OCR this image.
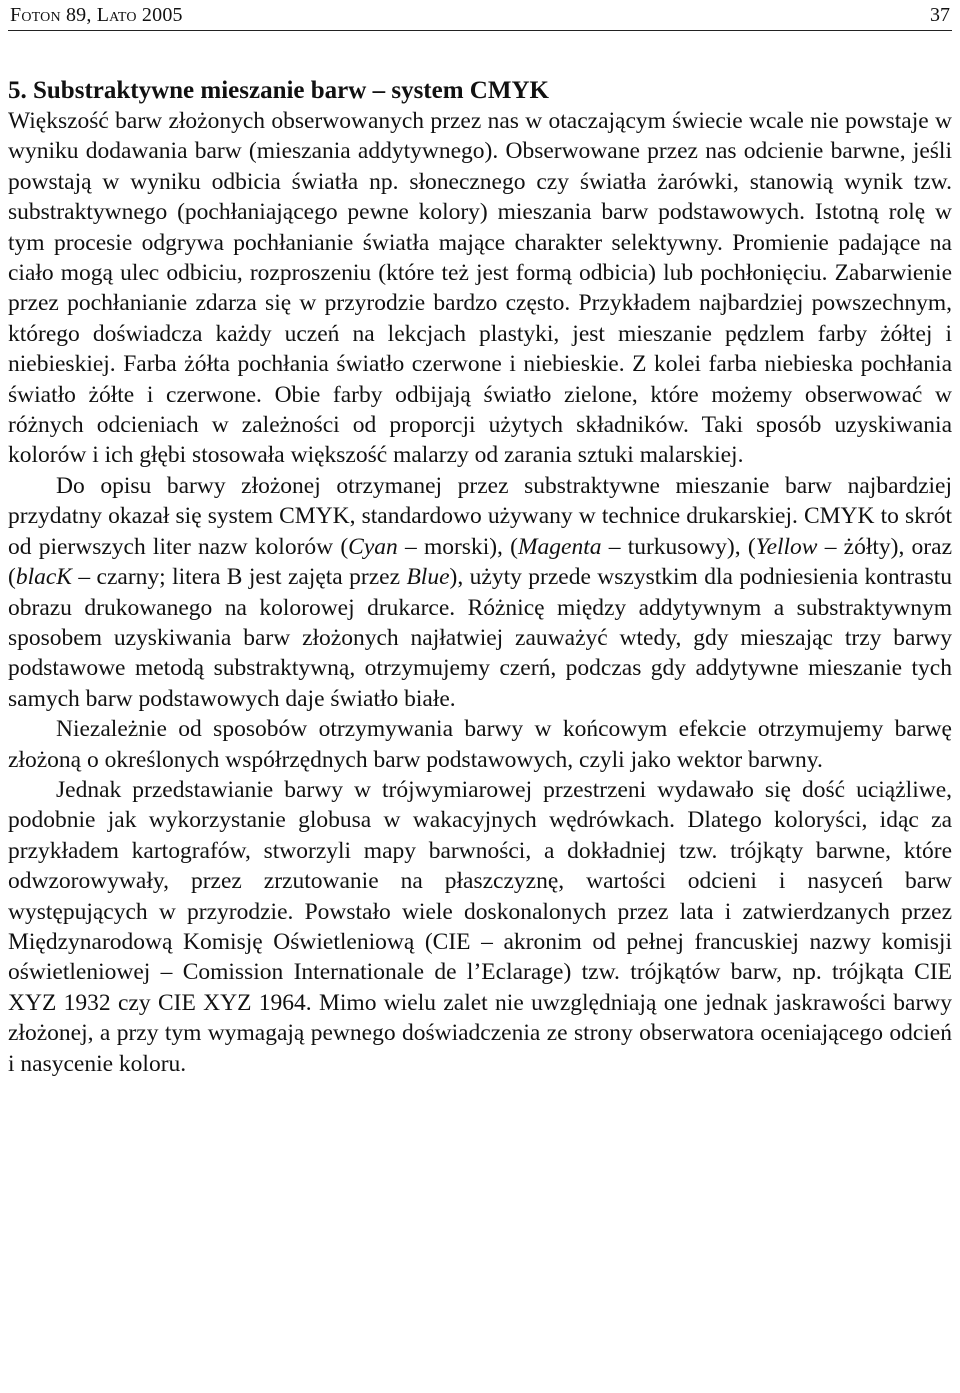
Foton 89, Lato 2005	37
5. Substraktywne mieszanie barw – system CMYK

Większość barw złożonych obserwowanych przez nas w otaczającym świecie wcale nie powstaje w wyniku dodawania barw (mieszania addytywnego). Obserwowane przez nas odcienie barwne, jeśli powstają w wyniku odbicia światła np. słonecznego czy światła żarówki, stanowią wynik tzw. substraktywnego (pochłaniającego pewne kolory) mieszania barw podstawowych. Istotną rolę w tym procesie odgrywa pochłanianie światła mające charakter selektywny. Promienie padające na ciało mogą ulec odbiciu, rozproszeniu (które też jest formą odbicia) lub pochłonięciu. Zabarwienie przez pochłanianie zdarza się w przyrodzie bardzo często. Przykładem najbardziej powszechnym, którego doświadcza każdy uczeń na lekcjach plastyki, jest mieszanie pędzlem farby żółtej i niebieskiej. Farba żółta pochłania światło czerwone i niebieskie. Z kolei farba niebieska pochłania światło żółte i czerwone. Obie farby odbijają światło zielone, które możemy obserwować w różnych odcieniach w zależności od proporcji użytych składników. Taki sposób uzyskiwania kolorów i ich głębi stosowała większość malarzy od zarania sztuki malarskiej.

Do opisu barwy złożonej otrzymanej przez substraktywne mieszanie barw najbardziej przydatny okazał się system CMYK, standardowo używany w technice drukarskiej. CMYK to skrót od pierwszych liter nazw kolorów (Cyan – morski), (Magenta – turkusowy), (Yellow – żółty), oraz (blacK – czarny; litera B jest zajęta przez Blue), użyty przede wszystkim dla podniesienia kontrastu obrazu drukowanego na kolorowej drukarce. Różnicę między addytywnym a substraktywnym sposobem uzyskiwania barw złożonych najłatwiej zauważyć wtedy, gdy mieszając trzy barwy podstawowe metodą substraktywną, otrzymujemy czerń, podczas gdy addytywne mieszanie tych samych barw podstawowych daje światło białe.

Niezależnie od sposobów otrzymywania barwy w końcowym efekcie otrzymujemy barwę złożoną o określonych współrzędnych barw podstawowych, czyli jako wektor barwny.

Jednak przedstawianie barwy w trójwymiarowej przestrzeni wydawało się dość uciążliwe, podobnie jak wykorzystanie globusa w wakacyjnych wędrówkach. Dlatego koloryści, idąc za przykładem kartografów, stworzyli mapy barwności, a dokładniej tzw. trójkąty barwne, które odwzorowywały, przez zrzutowanie na płaszczyznę, wartości odcieni i nasyceń barw występujących w przyrodzie. Powstało wiele doskonalonych przez lata i zatwierdzanych przez Międzynarodową Komisję Oświetleniową (CIE – akronim od pełnej francuskiej nazwy komisji oświetleniowej – Comission Internationale de l’Eclarage) tzw. trójkątów barw, np. trójkąta CIE XYZ 1932 czy CIE XYZ 1964. Mimo wielu zalet nie uwzględniają one jednak jaskrawości barwy złożonej, a przy tym wymagają pewnego doświadczenia ze strony obserwatora oceniającego odcień i nasycenie koloru.
